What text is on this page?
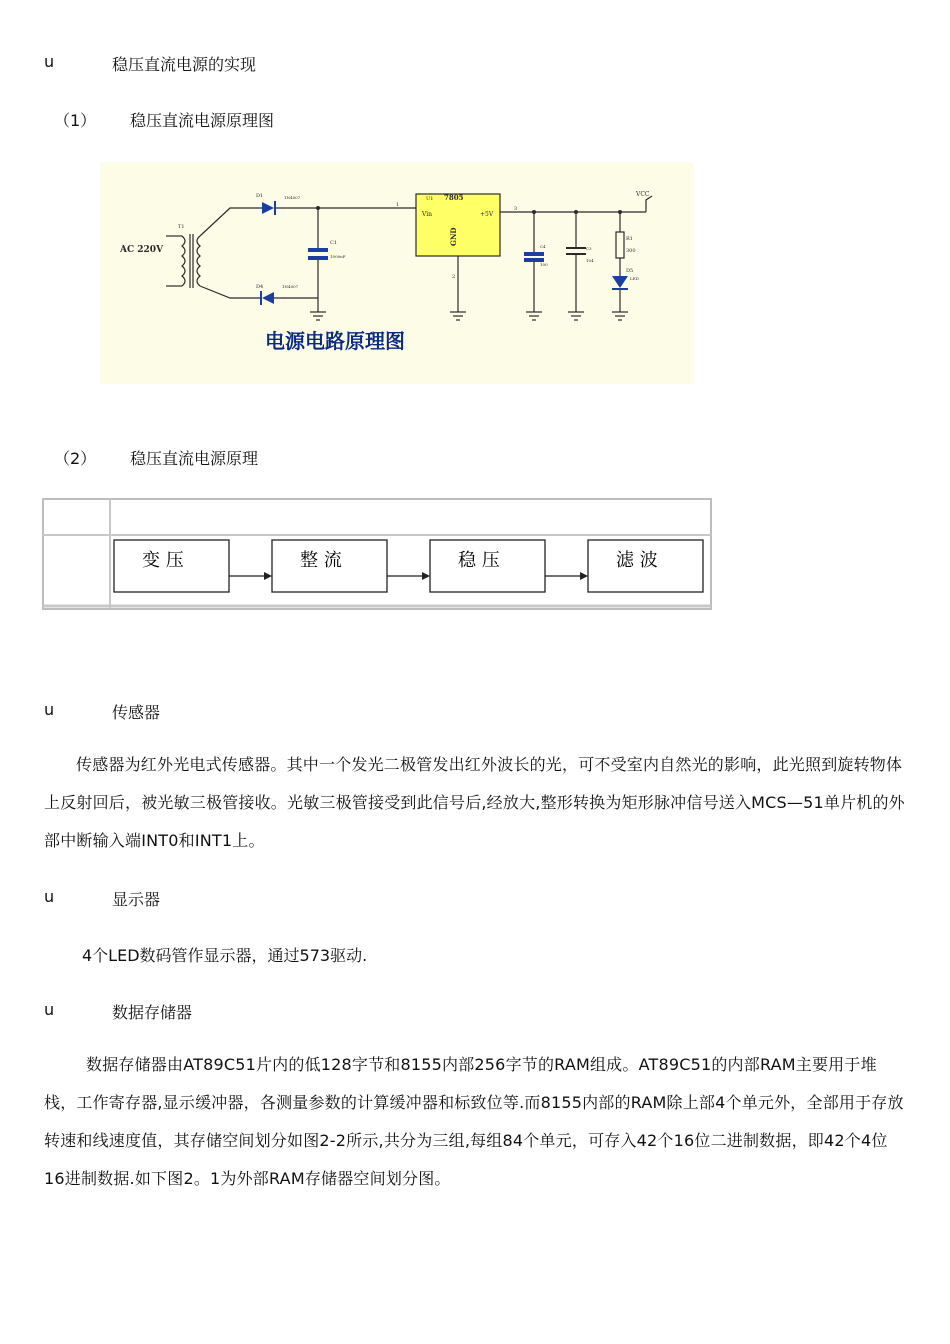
u	稳压直流电源的实现
（1） 稳压直流电源原理图
AC 220V
T1
D1	1N4007
D4	1N4007
C1
1000uF
U1 7805
Vin	+5V
GND
1
2
3
C4
100
C3
104
R1
300
D5
LED
VCC
电源电路原理图
（2） 稳压直流电源原理
变 压	整 流	稳 压	滤 波
u	传感器
传感器为红外光电式传感器。其中一个发光二极管发出红外波长的光，可不受室内自然光的影响，此光照到旋转物体上反射回后，被光敏三极管接收。光敏三极管接受到此信号后,经放大,整形转换为矩形脉冲信号送入MCS—51单片机的外部中断输入端INT0和INT1上。
u	显示器
4个LED数码管作显示器，通过573驱动.
u	数据存储器
数据存储器由AT89C51片内的低128字节和8155内部256字节的RAM组成。AT89C51的内部RAM主要用于堆栈，工作寄存器,显示缓冲器，各测量参数的计算缓冲器和标致位等.而8155内部的RAM除上部4个单元外，全部用于存放转速和线速度值，其存储空间划分如图2-2所示,共分为三组,每组84个单元，可存入42个16位二进制数据，即42个4位16进制数据.如下图2。1为外部RAM存储器空间划分图。
